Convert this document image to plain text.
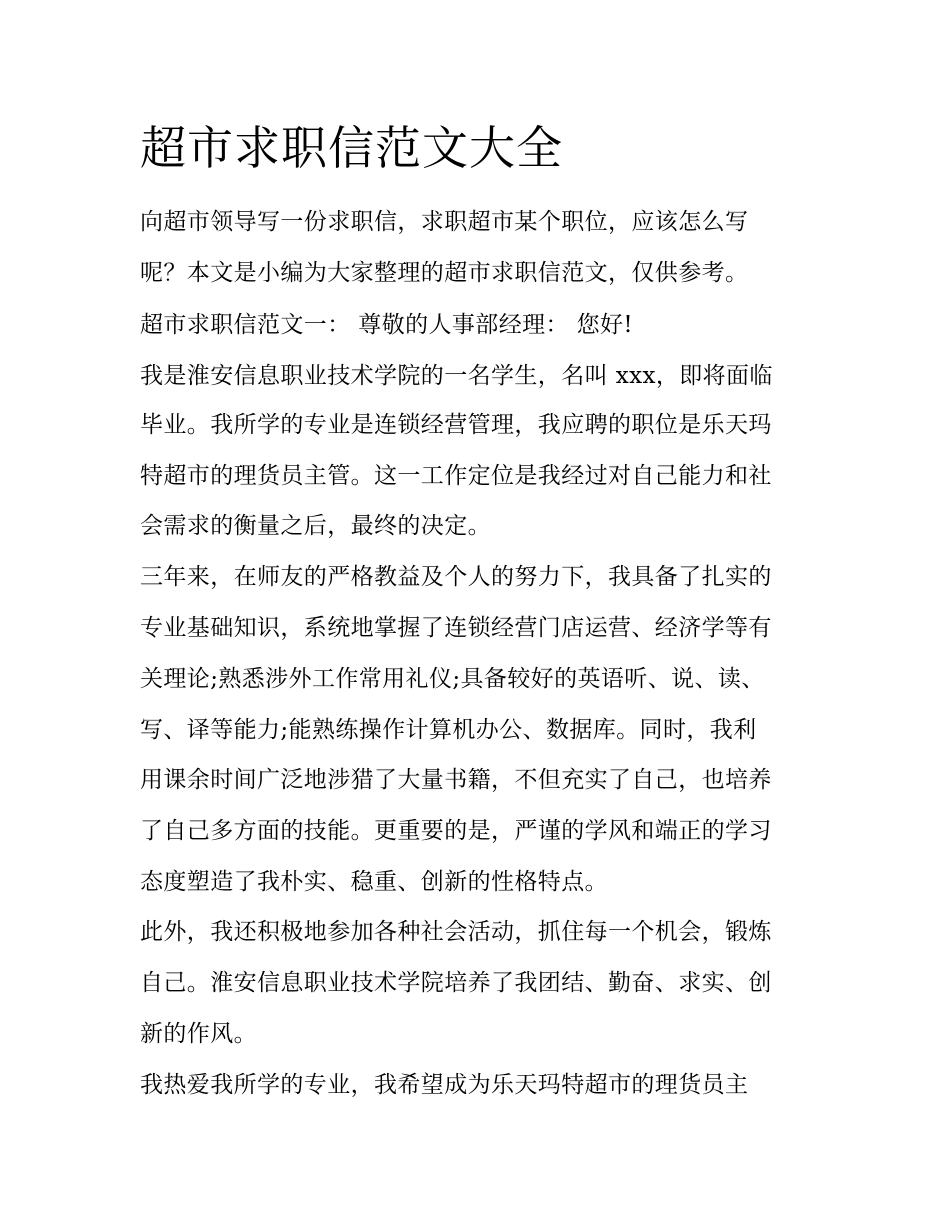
超市求职信范文大全

向超市领导写一份求职信，求职超市某个职位，应该怎么写

呢？本文是小编为大家整理的超市求职信范文，仅供参考。

超市求职信范文一： 尊敬的人事部经理： 您好!

我是淮安信息职业技术学院的一名学生，名叫 xxx，即将面临

毕业。我所学的专业是连锁经营管理，我应聘的职位是乐天玛

特超市的理货员主管。这一工作定位是我经过对自己能力和社

会需求的衡量之后，最终的决定。

三年来，在师友的严格教益及个人的努力下，我具备了扎实的

专业基础知识，系统地掌握了连锁经营门店运营、经济学等有

关理论;熟悉涉外工作常用礼仪;具备较好的英语听、说、读、

写、译等能力;能熟练操作计算机办公、数据库。同时，我利

用课余时间广泛地涉猎了大量书籍，不但充实了自己，也培养

了自己多方面的技能。更重要的是，严谨的学风和端正的学习

态度塑造了我朴实、稳重、创新的性格特点。

此外，我还积极地参加各种社会活动，抓住每一个机会，锻炼

自己。淮安信息职业技术学院培养了我团结、勤奋、求实、创

新的作风。

我热爱我所学的专业，我希望成为乐天玛特超市的理货员主
